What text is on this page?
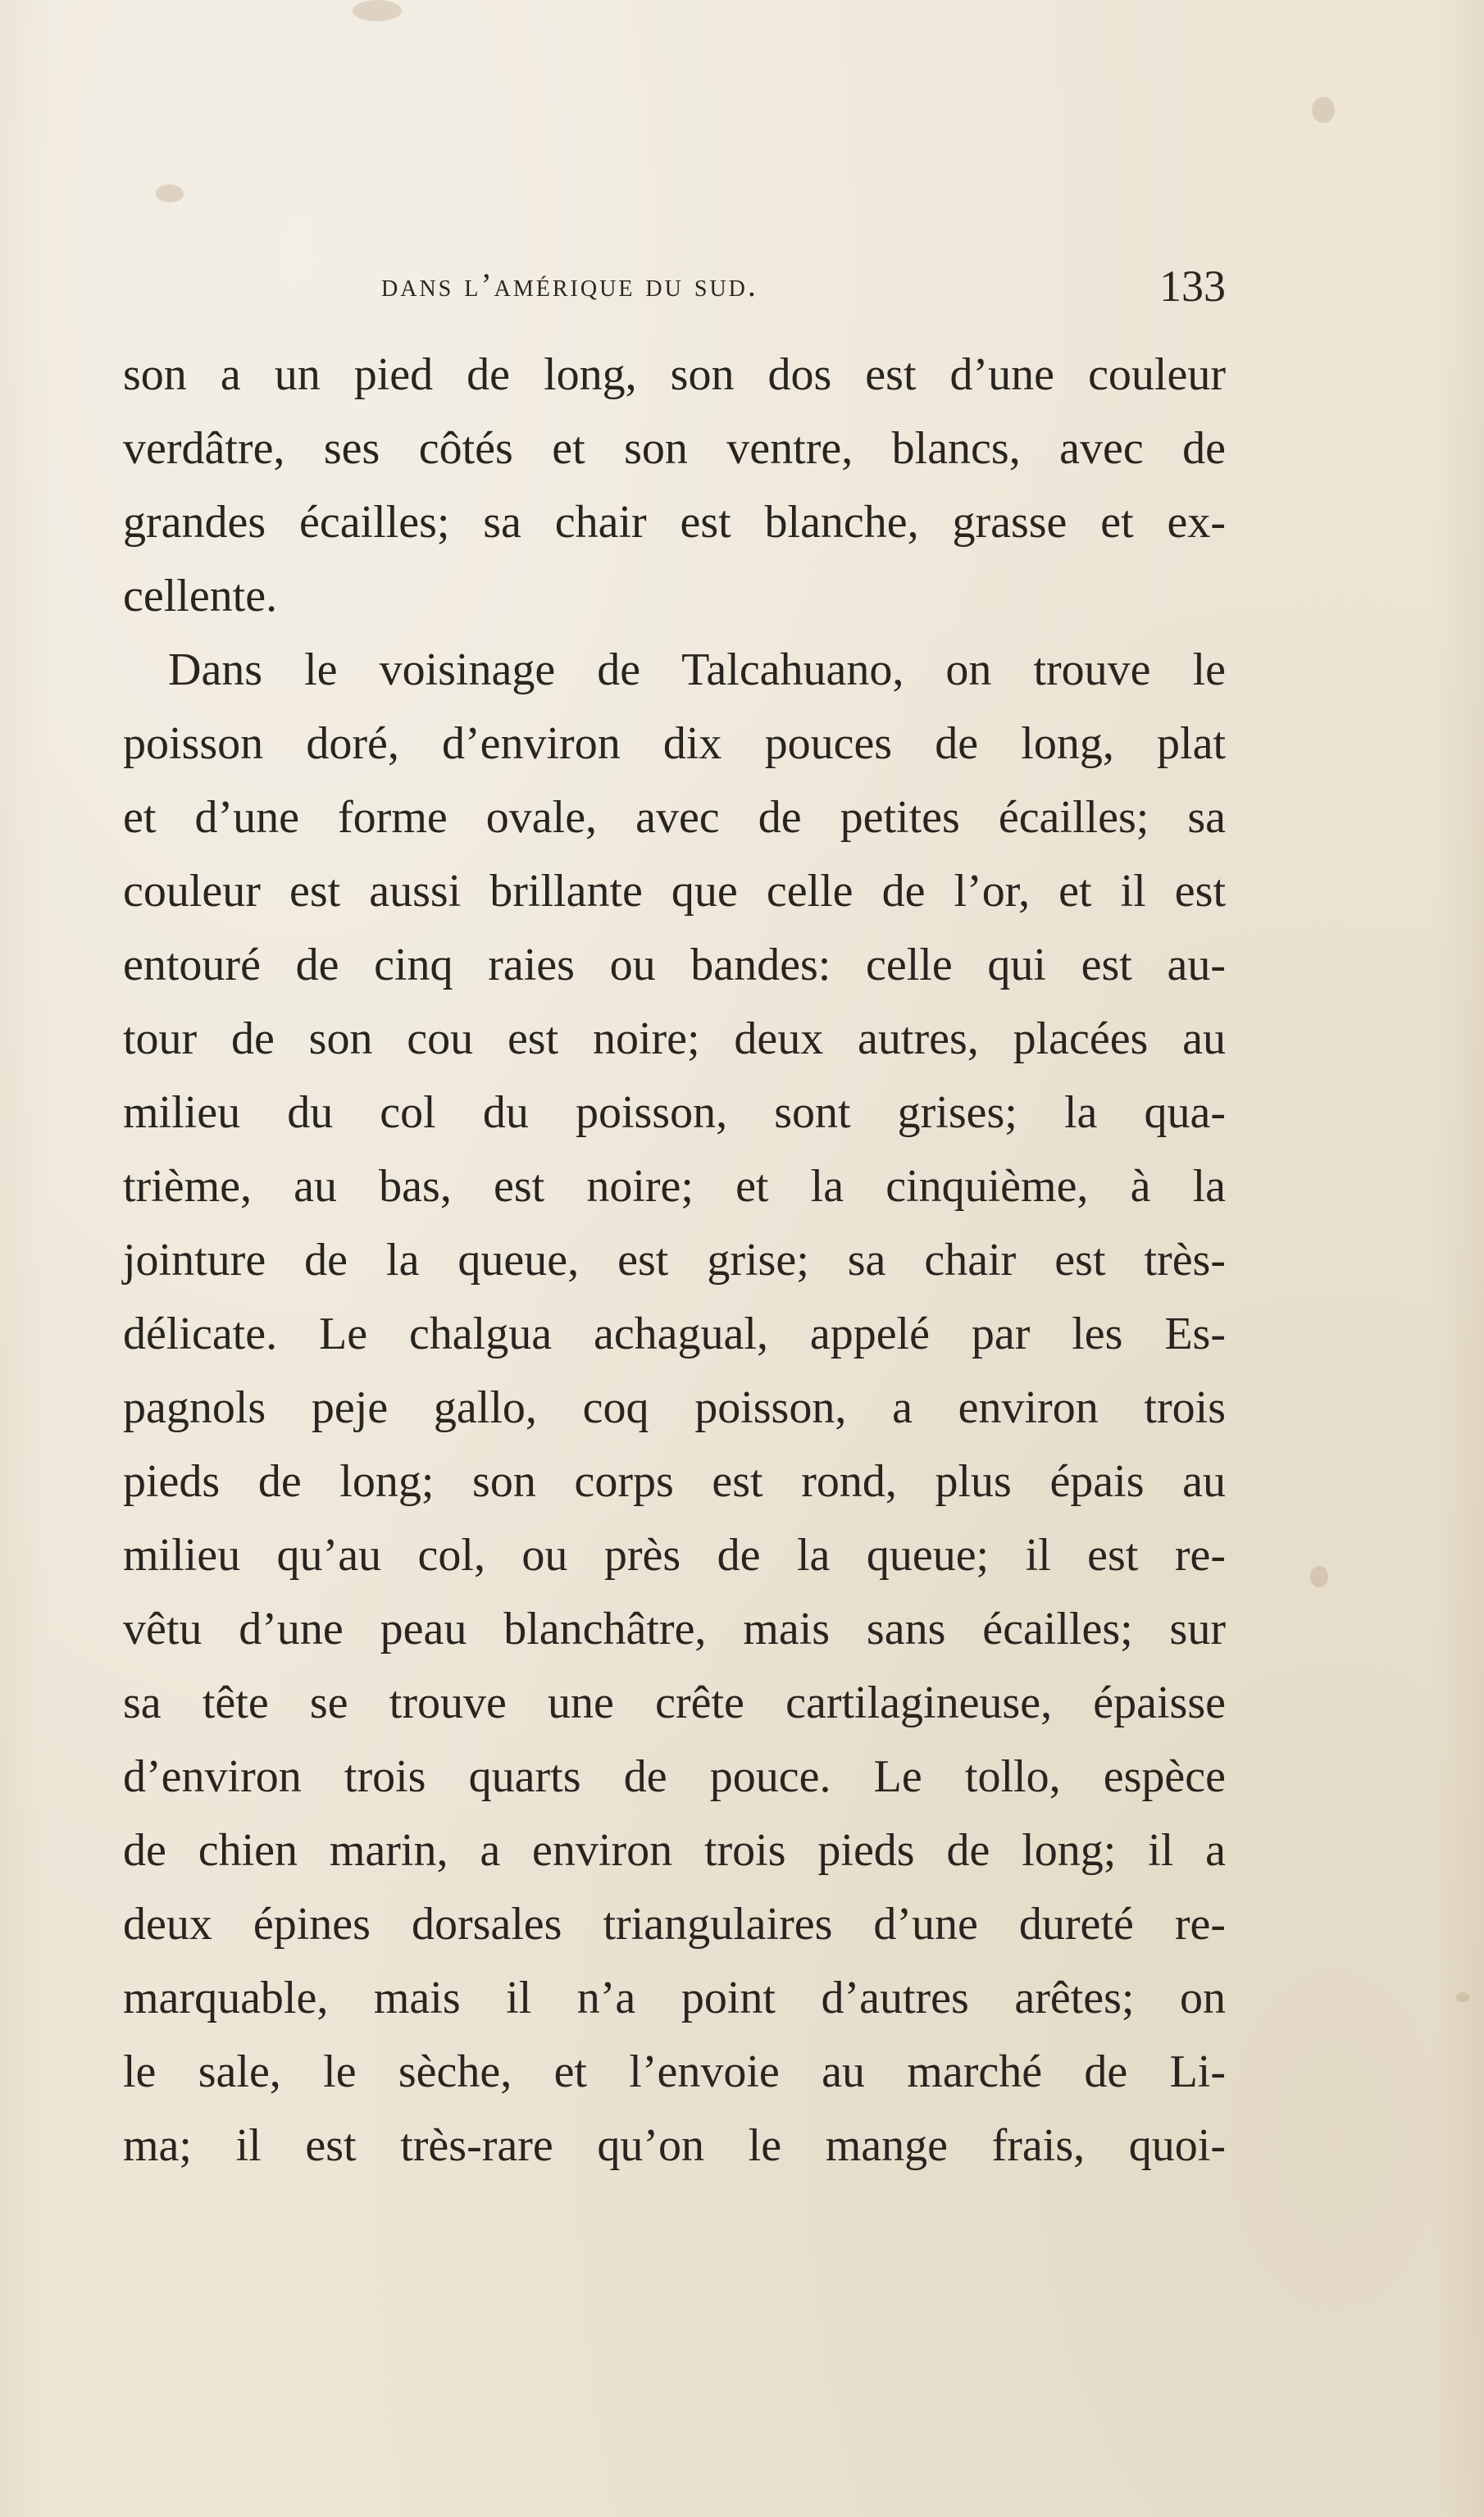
dans l’amérique du sud.	133
son a un pied de long, son dos est d’une couleur
verdâtre, ses côtés et son ventre, blancs, avec de
grandes écailles; sa chair est blanche, grasse et ex-
cellente.
Dans le voisinage de Talcahuano, on trouve le
poisson doré, d’environ dix pouces de long, plat
et d’une forme ovale, avec de petites écailles; sa
couleur est aussi brillante que celle de l’or, et il est
entouré de cinq raies ou bandes: celle qui est au-
tour de son cou est noire; deux autres, placées au
milieu du col du poisson, sont grises; la qua-
trième, au bas, est noire; et la cinquième, à la
jointure de la queue, est grise; sa chair est très-
délicate. Le chalgua achagual, appelé par les Es-
pagnols peje gallo, coq poisson, a environ trois
pieds de long; son corps est rond, plus épais au
milieu qu’au col, ou près de la queue; il est re-
vêtu d’une peau blanchâtre, mais sans écailles; sur
sa tête se trouve une crête cartilagineuse, épaisse
d’environ trois quarts de pouce. Le tollo, espèce
de chien marin, a environ trois pieds de long; il a
deux épines dorsales triangulaires d’une dureté re-
marquable, mais il n’a point d’autres arêtes; on
le sale, le sèche, et l’envoie au marché de Li-
ma; il est très-rare qu’on le mange frais, quoi-
